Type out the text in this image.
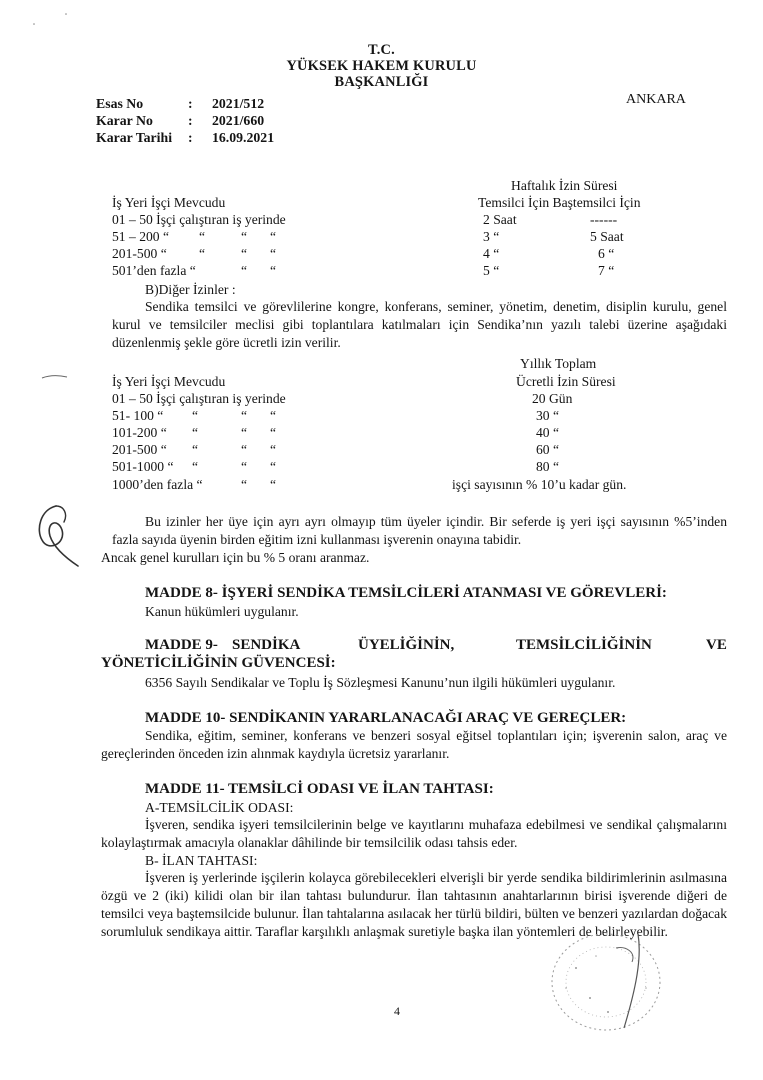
T.C.
YÜKSEK HAKEM KURULU
BAŞKANLIĞI
ANKARA
Esas No	: 2021/512
Karar No	: 2021/660
Karar Tarihi : 16.09.2021
Haftalık İzin Süresi
İş Yeri İşçi Mevcudu	Temsilci İçin Baştemsilci İçin
01 – 50 İşçi çalıştıran iş yerinde	2 Saat	------
51 – 200 “ “	“ “	3 “	5 Saat
201-500 “ “	“ “	4 “	6 “
501’den fazla “	“ “	5 “	7 “
B)Diğer İzinler :
Sendika temsilci ve görevlilerine kongre, konferans, seminer, yönetim, denetim, disiplin kurulu, genel kurul ve temsilciler meclisi gibi toplantılara katılmaları için Sendika’nın yazılı talebi üzerine aşağıdaki düzenlenmiş şekle göre ücretli izin verilir.
Yıllık Toplam
İş Yeri İşçi Mevcudu	Ücretli İzin Süresi
01 – 50 İşçi çalıştıran iş yerinde	20 Gün
51- 100 “ “	“ “	30 “
101-200 “ “	“ “	40 “
201-500 “ “	“ “	60 “
501-1000 “ “	“ “	80 “
1000’den fazla “	“ “	işçi sayısının % 10’u kadar gün.
Bu izinler her üye için ayrı ayrı olmayıp tüm üyeler içindir. Bir seferde iş yeri işçi sayısının %5’inden fazla sayıda üyenin birden eğitim izni kullanması işverenin onayına tabidir.
Ancak genel kurulları için bu % 5 oranı aranmaz.
MADDE 8- İŞYERİ SENDİKA TEMSİLCİLERİ ATANMASI VE GÖREVLERİ:
Kanun hükümleri uygulanır.
MADDE 9- SENDİKA	ÜYELİĞİNİN,	TEMSİLCİLİĞİNİN	VE
YÖNETİCİLİĞİNİN GÜVENCESİ:
6356 Sayılı Sendikalar ve Toplu İş Sözleşmesi Kanunu’nun ilgili hükümleri uygulanır.
MADDE 10- SENDİKANIN YARARLANACAĞI ARAÇ VE GEREÇLER:
Sendika, eğitim, seminer, konferans ve benzeri sosyal eğitsel toplantıları için; işverenin salon, araç ve gereçlerinden önceden izin alınmak kaydıyla ücretsiz yararlanır.
MADDE 11- TEMSİLCİ ODASI VE İLAN TAHTASI:
A-TEMSİLCİLİK ODASI:
İşveren, sendika işyeri temsilcilerinin belge ve kayıtlarını muhafaza edebilmesi ve sendikal çalışmalarını kolaylaştırmak amacıyla olanaklar dâhilinde bir temsilcilik odası tahsis eder.
B- İLAN TAHTASI:
İşveren iş yerlerinde işçilerin kolayca görebilecekleri elverişli bir yerde sendika bildirimlerinin asılmasına özgü ve 2 (iki) kilidi olan bir ilan tahtası bulundurur. İlan tahtasının anahtarlarının birisi işverende diğeri de temsilci veya baştemsilcide bulunur. İlan tahtalarına asılacak her türlü bildiri, bülten ve benzeri yazılardan doğacak sorumluluk sendikaya aittir. Taraflar karşılıklı anlaşmak suretiyle başka ilan yöntemleri de belirleyebilir.
4
